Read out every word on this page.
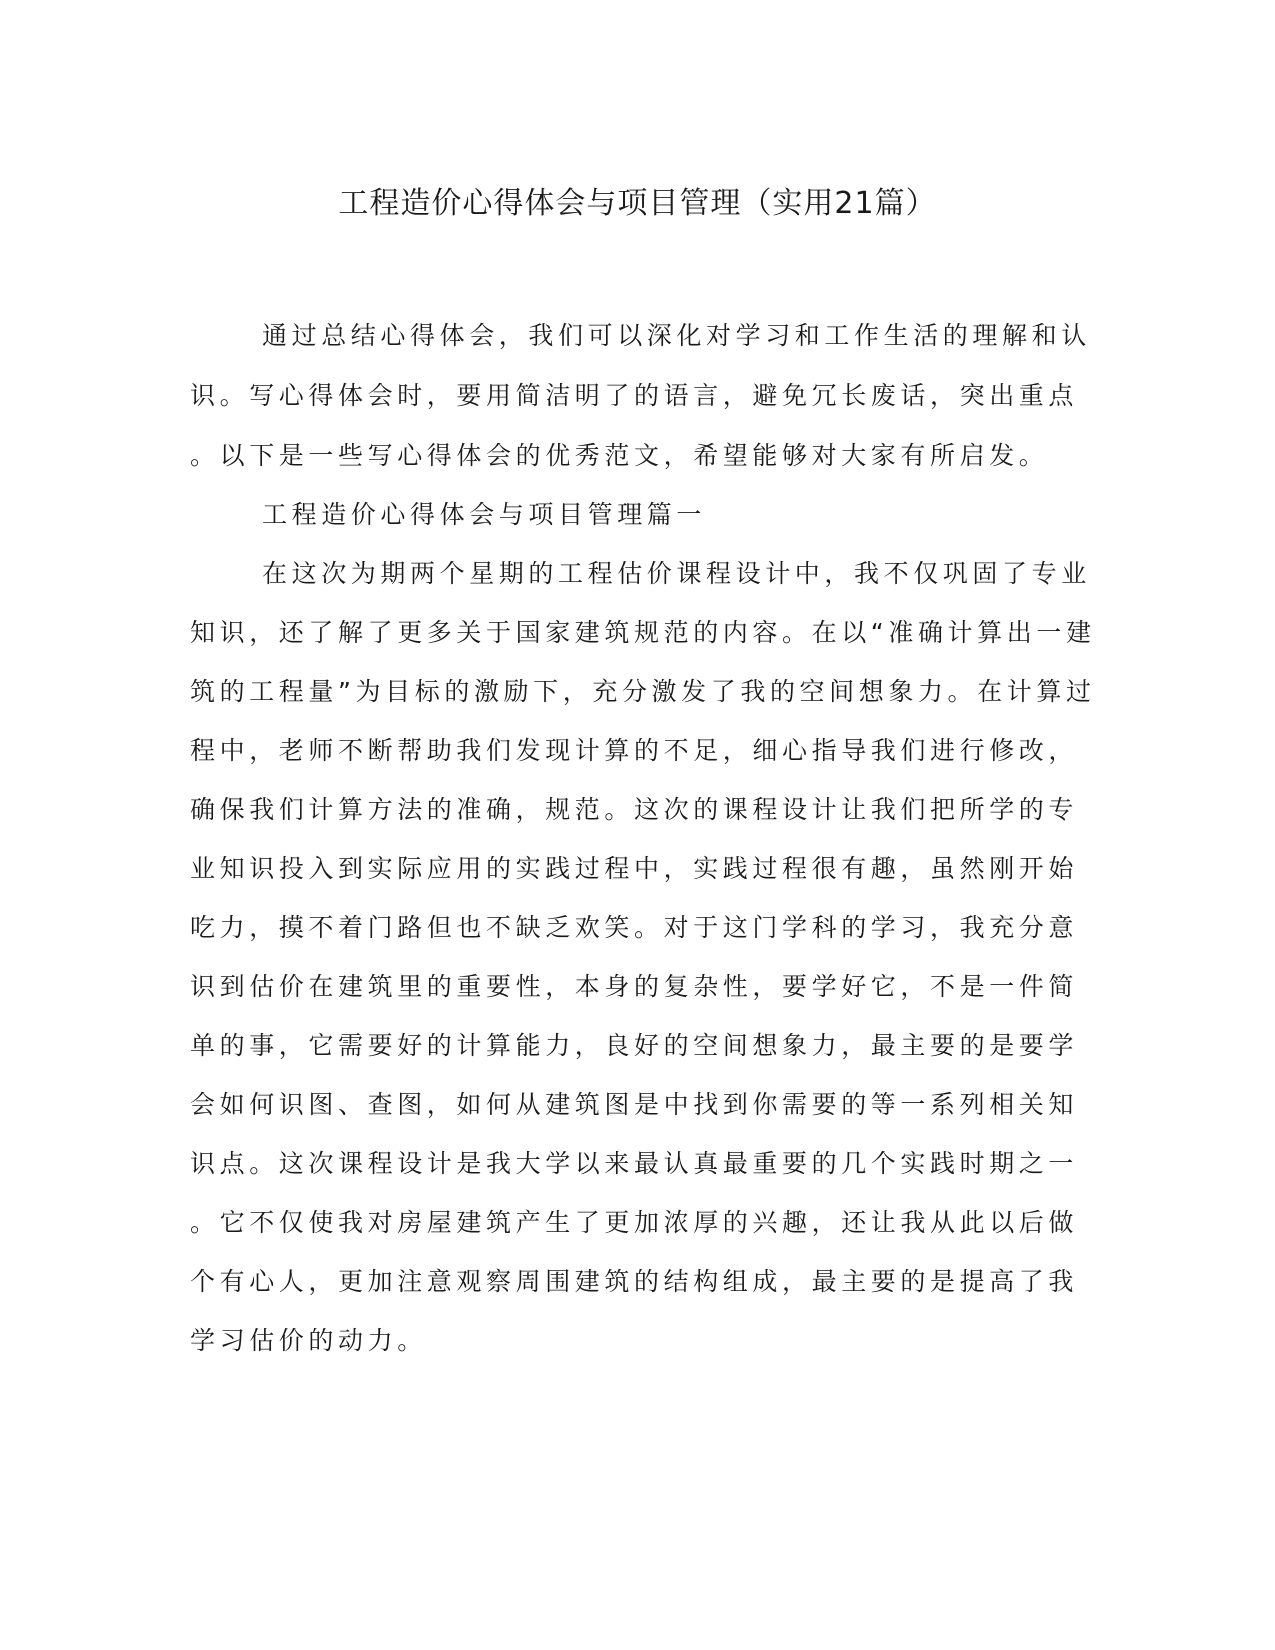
工程造价心得体会与项目管理（实用21篇）

通过总结心得体会，我们可以深化对学习和工作生活的理解和认

识。写心得体会时，要用简洁明了的语言，避免冗长废话，突出重点

。以下是一些写心得体会的优秀范文，希望能够对大家有所启发。

工程造价心得体会与项目管理篇一

在这次为期两个星期的工程估价课程设计中，我不仅巩固了专业

知识，还了解了更多关于国家建筑规范的内容。在以“准确计算出一建

筑的工程量”为目标的激励下，充分激发了我的空间想象力。在计算过

程中，老师不断帮助我们发现计算的不足，细心指导我们进行修改，

确保我们计算方法的准确，规范。这次的课程设计让我们把所学的专

业知识投入到实际应用的实践过程中，实践过程很有趣，虽然刚开始

吃力，摸不着门路但也不缺乏欢笑。对于这门学科的学习，我充分意

识到估价在建筑里的重要性，本身的复杂性，要学好它，不是一件简

单的事，它需要好的计算能力，良好的空间想象力，最主要的是要学

会如何识图、查图，如何从建筑图是中找到你需要的等一系列相关知

识点。这次课程设计是我大学以来最认真最重要的几个实践时期之一

。它不仅使我对房屋建筑产生了更加浓厚的兴趣，还让我从此以后做

个有心人，更加注意观察周围建筑的结构组成，最主要的是提高了我

学习估价的动力。
